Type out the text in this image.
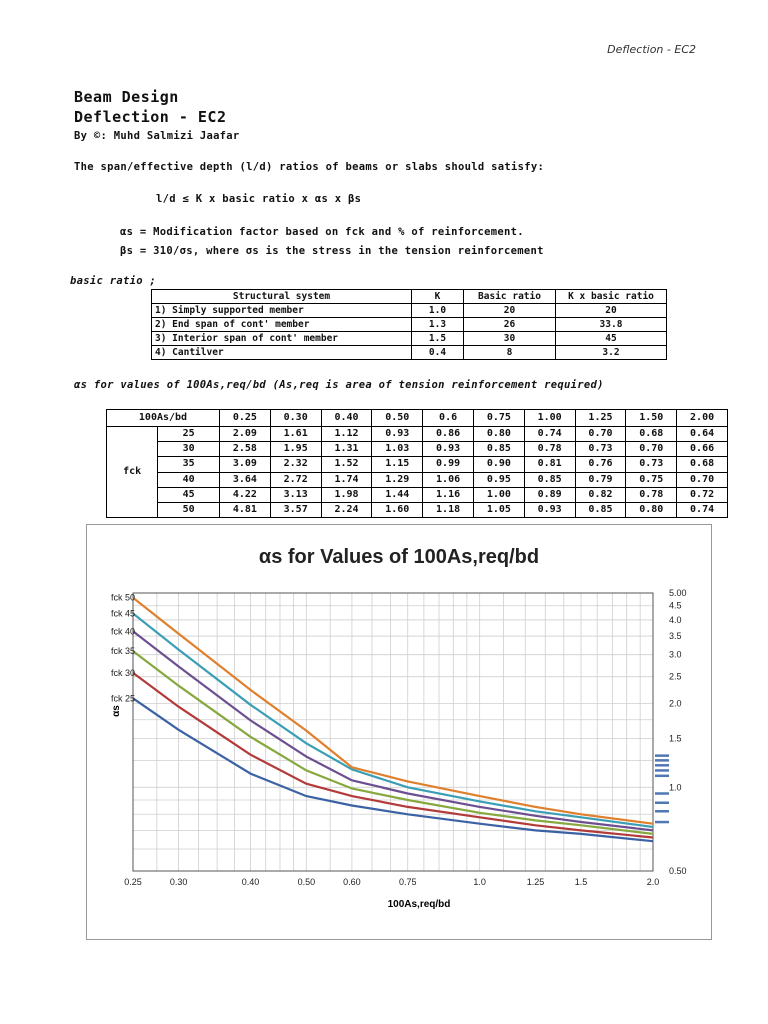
Deflection - EC2
Beam Design
Deflection - EC2
By ©: Muhd Salmizi Jaafar
The span/effective depth (l/d) ratios of beams or slabs should satisfy:
l/d ≤ K x basic ratio x αs x βs
αs = Modification factor based on fck and % of reinforcement.
βs = 310/σs, where σs is the stress in the tension reinforcement
basic ratio ;
Structural system	K	Basic ratio	K x basic ratio
1) Simply supported member	1.0	20	20
2) End span of cont' member	1.3	26	33.8
3) Interior span of cont' member	1.5	30	45
4) Cantilver	0.4	8	3.2
αs for values of 100As,req/bd (As,req is area of tension reinforcement required)
100As/bd		0.25	0.30	0.40	0.50	0.6	0.75	1.00	1.25	1.50	2.00
fck	25	2.09	1.61	1.12	0.93	0.86	0.80	0.74	0.70	0.68	0.64
	30	2.58	1.95	1.31	1.03	0.93	0.85	0.78	0.73	0.70	0.66
	35	3.09	2.32	1.52	1.15	0.99	0.90	0.81	0.76	0.73	0.68
	40	3.64	2.72	1.74	1.29	1.06	0.95	0.85	0.79	0.75	0.70
	45	4.22	3.13	1.98	1.44	1.16	1.00	0.89	0.82	0.78	0.72
	50	4.81	3.57	2.24	1.60	1.18	1.05	0.93	0.85	0.80	0.74
αs for Values of 100As,req/bd
100As,req/bd
αs
0.25	0.30	0.40	0.50	0.60	0.75	1.0	1.25	1.5	2.0
5.00
4.5
4.0
3.5
3.0
2.5
2.0
1.5
1.0
0.50
fck 25
fck 30
fck 35
fck 40
fck 45
fck 50
